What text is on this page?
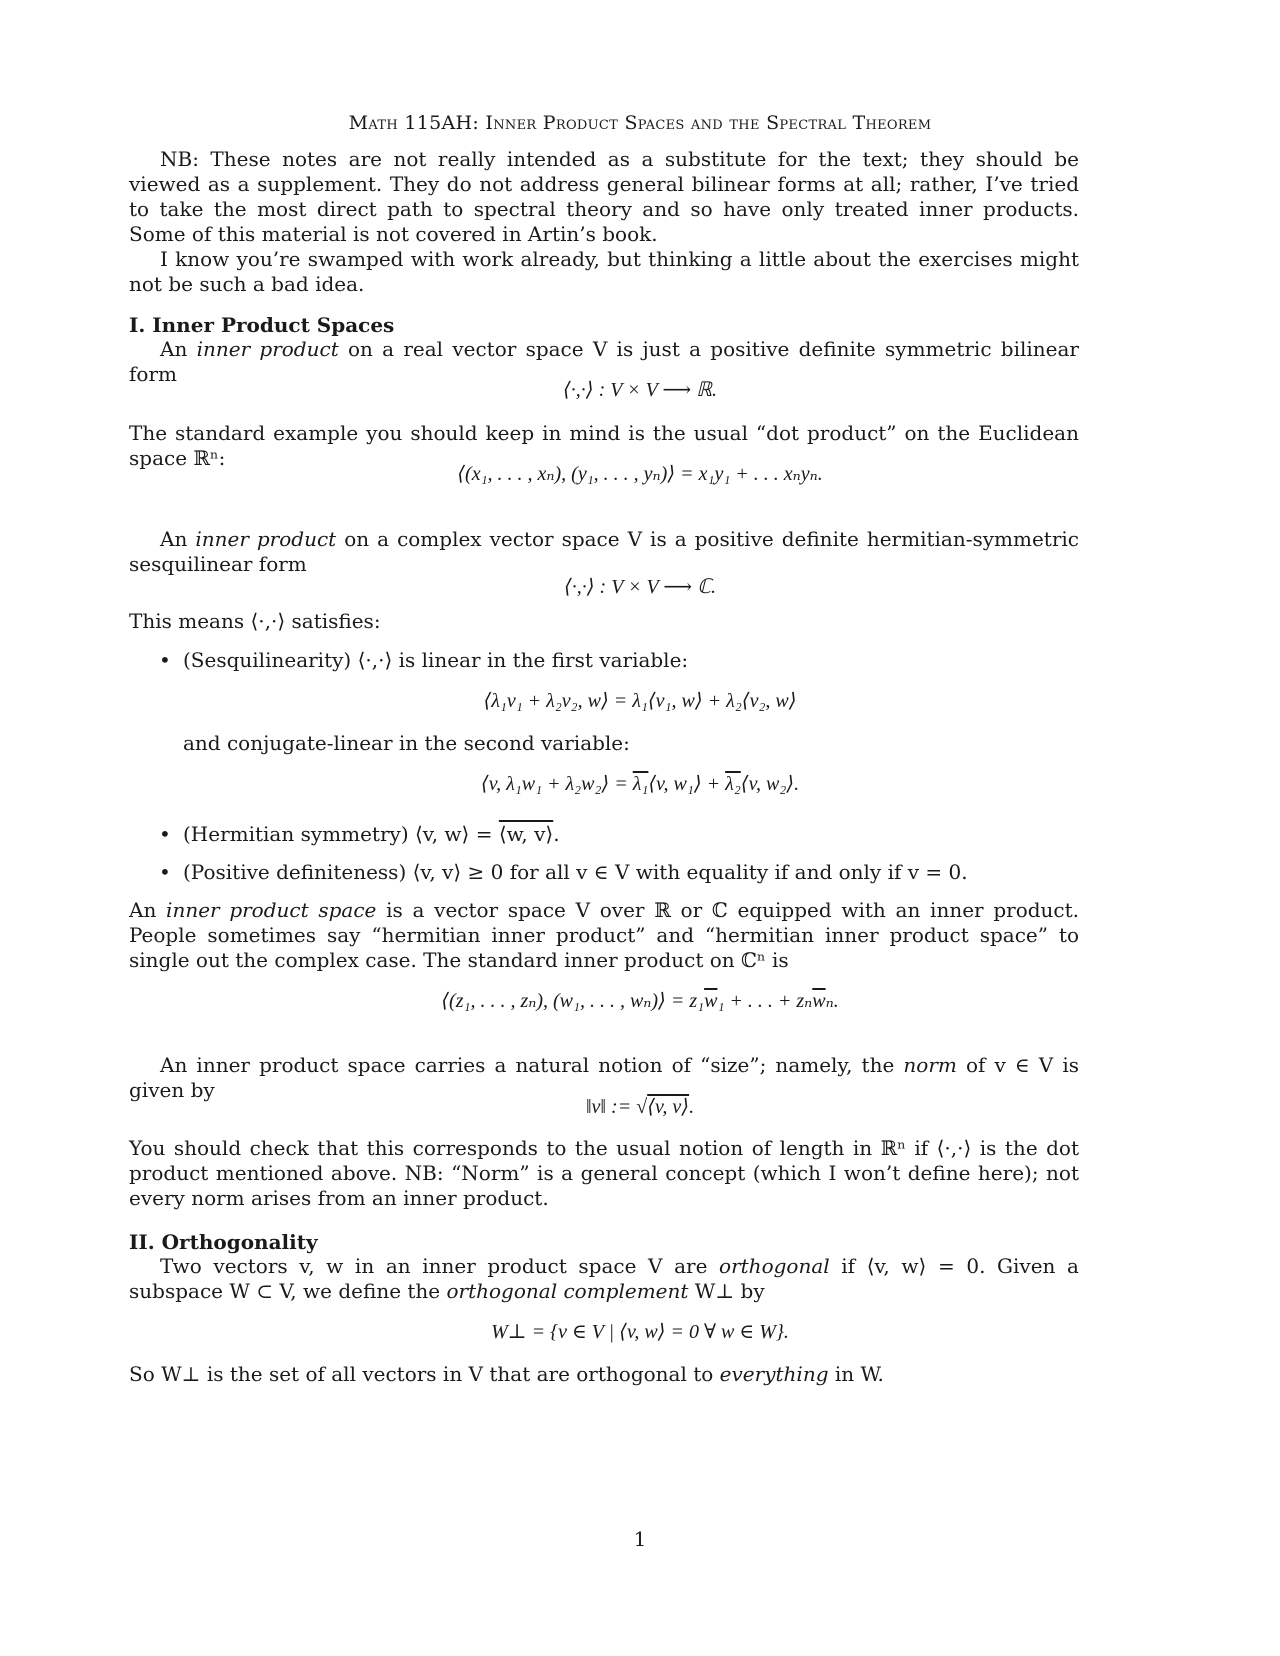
Math 115AH: Inner Product Spaces and the Spectral Theorem

NB: These notes are not really intended as a substitute for the text; they should be viewed as a supplement. They do not address general bilinear forms at all; rather, I’ve tried to take the most direct path to spectral theory and so have only treated inner products. Some of this material is not covered in Artin’s book.

I know you’re swamped with work already, but thinking a little about the exercises might not be such a bad idea.

I. Inner Product Spaces

An inner product on a real vector space V is just a positive definite symmetric bilinear form

⟨·,·⟩ : V × V ⟶ ℝ.

The standard example you should keep in mind is the usual “dot product” on the Euclidean space ℝⁿ:

⟨(x₁, . . . , xₙ), (y₁, . . . , yₙ)⟩ = x₁y₁ + . . . xₙyₙ.

An inner product on a complex vector space V is a positive definite hermitian-symmetric sesquilinear form

⟨·,·⟩ : V × V ⟶ ℂ.
This means ⟨·,·⟩ satisfies:
• (Sesquilinearity) ⟨·,·⟩ is linear in the first variable:
⟨λ₁v₁ + λ₂v₂, w⟩ = λ₁⟨v₁, w⟩ + λ₂⟨v₂, w⟩
and conjugate-linear in the second variable:
⟨v, λ₁w₁ + λ₂w₂⟩ = λ₁⟨v, w₁⟩ + λ₂⟨v, w₂⟩.
• (Hermitian symmetry) ⟨v, w⟩ = ⟨w, v⟩.
• (Positive definiteness) ⟨v, v⟩ ≥ 0 for all v ∈ V with equality if and only if v = 0.

An inner product space is a vector space V over ℝ or ℂ equipped with an inner product. People sometimes say “hermitian inner product” and “hermitian inner product space” to single out the complex case. The standard inner product on ℂⁿ is

⟨(z₁, . . . , zₙ), (w₁, . . . , wₙ)⟩ = $z_1\overline{w}_1$ + . . . + $z_n\overline{w}_n$.

An inner product space carries a natural notion of “size”; namely, the norm of v ∈ V is given by

‖v‖ := √⟨v, v⟩.

You should check that this corresponds to the usual notion of length in ℝⁿ if ⟨·,·⟩ is the dot product mentioned above. NB: “Norm” is a general concept (which I won’t define here); not every norm arises from an inner product.

II. Orthogonality

Two vectors v, w in an inner product space V are orthogonal if ⟨v, w⟩ = 0. Given a subspace W ⊂ V, we define the orthogonal complement W⊥ by

W⊥ = {v ∈ V | ⟨v, w⟩ = 0 ∀ w ∈ W}.
So W⊥ is the set of all vectors in V that are orthogonal to everything in W.
1
